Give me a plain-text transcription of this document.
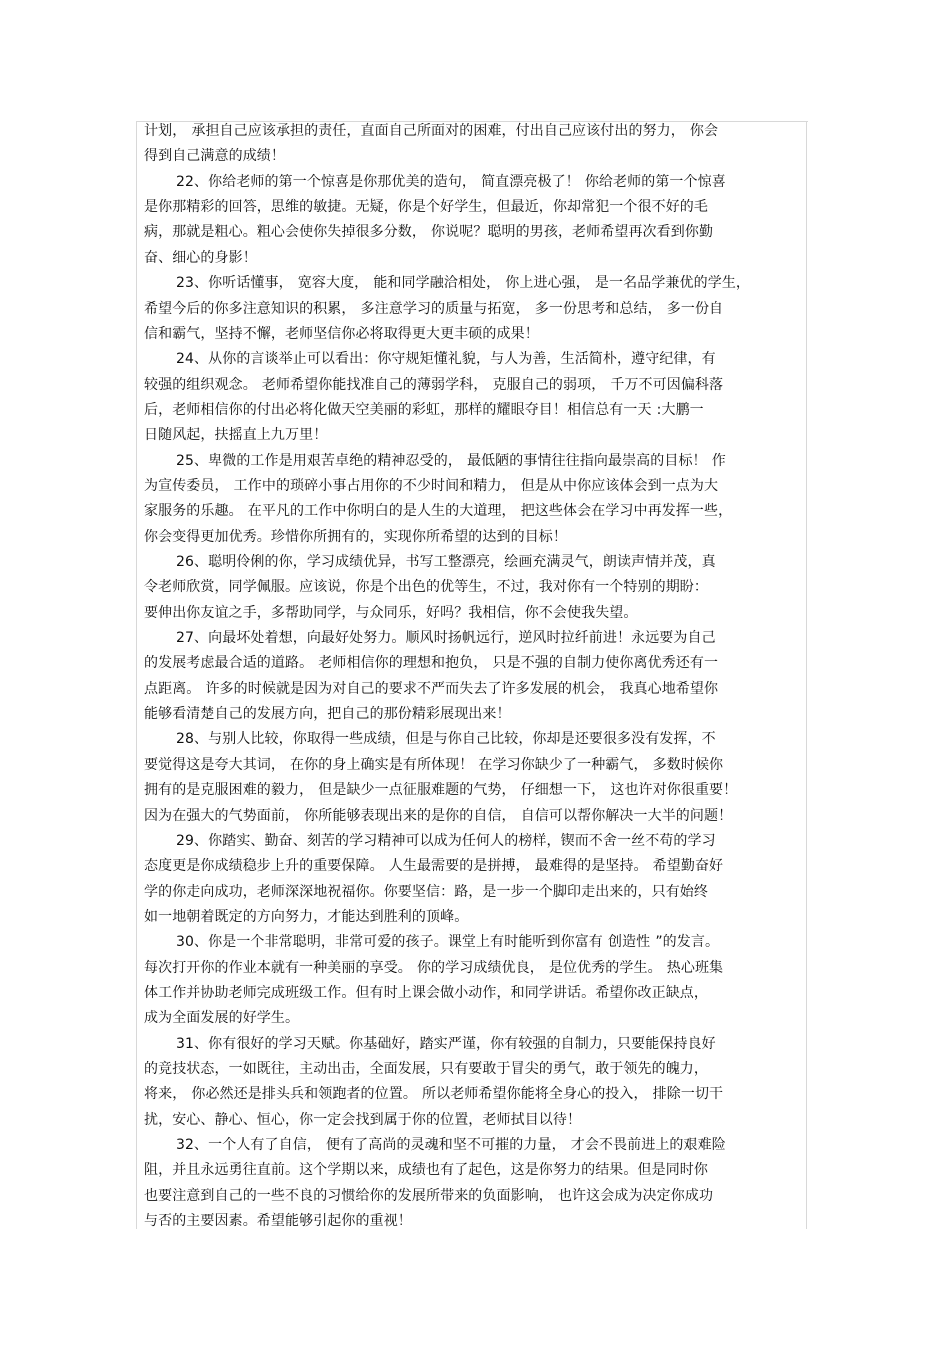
计划， 承担自己应该承担的责任，直面自己所面对的困难，付出自己应该付出的努力， 你会
得到自己满意的成绩！
22、你给老师的第一个惊喜是你那优美的造句， 简直漂亮极了！ 你给老师的第一个惊喜
是你那精彩的回答，思维的敏捷。无疑，你是个好学生，但最近，你却常犯一个很不好的毛
病，那就是粗心。粗心会使你失掉很多分数， 你说呢？聪明的男孩，老师希望再次看到你勤
奋、细心的身影！
23、你听话懂事， 宽容大度， 能和同学融洽相处， 你上进心强， 是一名品学兼优的学生，
希望今后的你多注意知识的积累， 多注意学习的质量与拓宽， 多一份思考和总结， 多一份自
信和霸气，坚持不懈，老师坚信你必将取得更大更丰硕的成果！
24、从你的言谈举止可以看出：你守规矩懂礼貌，与人为善，生活简朴，遵守纪律，有
较强的组织观念。 老师希望你能找准自己的薄弱学科， 克服自己的弱项， 千万不可因偏科落
后，老师相信你的付出必将化做天空美丽的彩虹，那样的耀眼夺目！相信总有一天 :大鹏一
日随风起，扶摇直上九万里！
25、卑微的工作是用艰苦卓绝的精神忍受的， 最低陋的事情往往指向最崇高的目标！ 作
为宣传委员， 工作中的琐碎小事占用你的不少时间和精力， 但是从中你应该体会到一点为大
家服务的乐趣。 在平凡的工作中你明白的是人生的大道理， 把这些体会在学习中再发挥一些，
你会变得更加优秀。珍惜你所拥有的，实现你所希望的达到的目标！
26、聪明伶俐的你，学习成绩优异，书写工整漂亮，绘画充满灵气，朗读声情并茂，真
令老师欣赏，同学佩服。应该说，你是个出色的优等生，不过，我对你有一个特别的期盼：
要伸出你友谊之手，多帮助同学，与众同乐，好吗？我相信，你不会使我失望。
27、向最坏处着想，向最好处努力。顺风时扬帆远行，逆风时拉纤前进！永远要为自己
的发展考虑最合适的道路。 老师相信你的理想和抱负， 只是不强的自制力使你离优秀还有一
点距离。 许多的时候就是因为对自己的要求不严而失去了许多发展的机会， 我真心地希望你
能够看清楚自己的发展方向，把自己的那份精彩展现出来！
28、与别人比较，你取得一些成绩，但是与你自己比较，你却是还要很多没有发挥，不
要觉得这是夸大其词， 在你的身上确实是有所体现！ 在学习你缺少了一种霸气， 多数时候你
拥有的是克服困难的毅力， 但是缺少一点征服难题的气势， 仔细想一下， 这也许对你很重要！
因为在强大的气势面前， 你所能够表现出来的是你的自信， 自信可以帮你解决一大半的问题！
29、你踏实、勤奋、刻苦的学习精神可以成为任何人的榜样，锲而不舍一丝不苟的学习
态度更是你成绩稳步上升的重要保障。 人生最需要的是拼搏， 最难得的是坚持。 希望勤奋好
学的你走向成功，老师深深地祝福你。你要坚信：路，是一步一个脚印走出来的，只有始终
如一地朝着既定的方向努力，才能达到胜利的顶峰。
30、你是一个非常聪明，非常可爱的孩子。课堂上有时能听到你富有 创造性 ”的发言。
每次打开你的作业本就有一种美丽的享受。 你的学习成绩优良， 是位优秀的学生。 热心班集
体工作并协助老师完成班级工作。但有时上课会做小动作，和同学讲话。希望你改正缺点，
成为全面发展的好学生。
31、你有很好的学习天赋。你基础好，踏实严谨，你有较强的自制力，只要能保持良好
的竞技状态，一如既往，主动出击，全面发展，只有要敢于冒尖的勇气，敢于领先的魄力，
将来， 你必然还是排头兵和领跑者的位置。 所以老师希望你能将全身心的投入， 排除一切干
扰，安心、静心、恒心，你一定会找到属于你的位置，老师拭目以待！
32、一个人有了自信， 便有了高尚的灵魂和坚不可摧的力量， 才会不畏前进上的艰难险
阻，并且永远勇往直前。这个学期以来，成绩也有了起色，这是你努力的结果。但是同时你
也要注意到自己的一些不良的习惯给你的发展所带来的负面影响， 也许这会成为决定你成功
与否的主要因素。希望能够引起你的重视！
